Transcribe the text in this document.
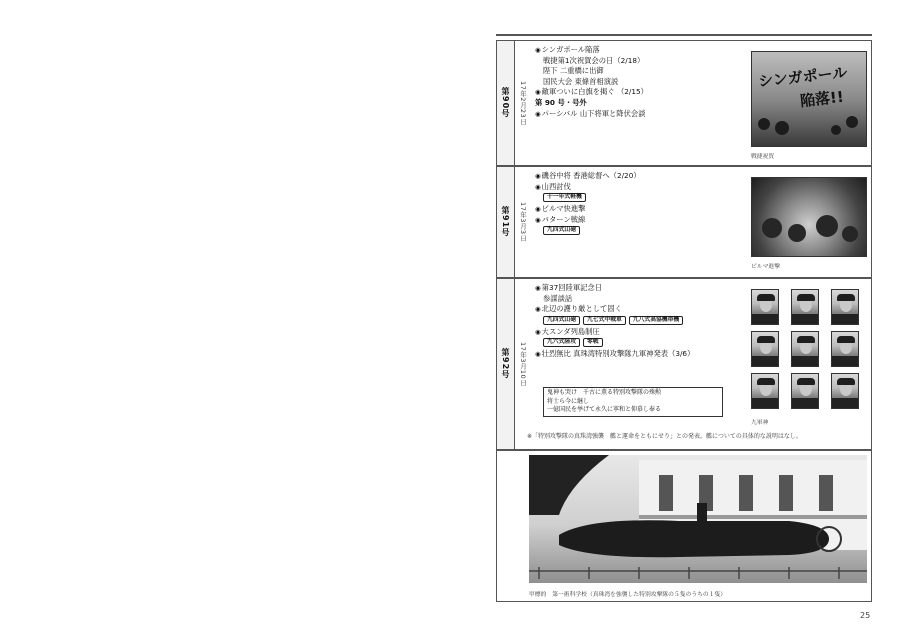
◉
◉
◉
◉
◉
◉
◉
◉
◉
◉
◉
◉
◉
第90号 17年2月23日
◉ シンガポール陥落
戦捷第1次祝賀会の日（2/18）
陛下 二重橋に出御
国民大会 東條首相演説
◉ 敵軍ついに白旗を掲ぐ （2/15）
第 90 号・号外
◉ パーシバル 山下将軍と降伏会談
シンガポール
陥落!!
戦捷祝賀
第91号 17年3月3日
◉ 磯谷中将 香港総督へ（2/20）
◉ 山西討伐
十一年式軽機
◉ ビルマ快進撃
◉ バターン戦線
九四式山砲
ビルマ進撃
第92号 17年3月10日
◉ 第37回陸軍記念日
参謀談話
◉ 北辺の護り厳として固く
九四式山砲	九七式中戦車	九八式高協機帯機
◉ 大スンダ列島制圧
九六式陸攻	零戦
◉ 壮烈無比 真珠湾特別攻撃隊九軍神発表（3/6）
鬼神も哭け　千古に薫る特別攻撃隊の殊勲
将士ら今に継し
一億国民を挙げて永久に寧和と仰慕し奉る
※「特別攻撃隊の真珠湾強襲　艦と運命をともにせり」との発表。艦についての具体的な説明はなし。
九軍神
甲標的　第一術科学校（真珠湾を強襲した特別攻撃隊の５隻のうちの１隻）
25
